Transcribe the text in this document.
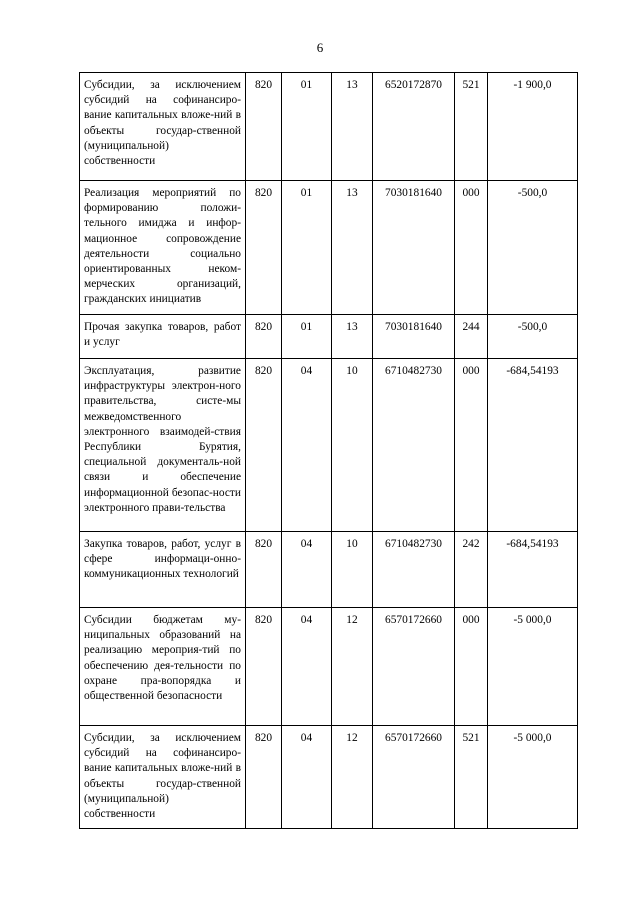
6
Субсидии, за исключением субсидий на софинансиро-вание капитальных вложе-ний в объекты государ-ственной (муниципальной) собственности	820	01	13	6520172870	521	-1 900,0
Реализация мероприятий по формированию положи-тельного имиджа и инфор-мационное сопровождение деятельности социально ориентированных неком-мерческих организаций, гражданских инициатив	820	01	13	7030181640	000	-500,0
Прочая закупка товаров, работ и услуг	820	01	13	7030181640	244	-500,0
Эксплуатация, развитие инфраструктуры электрон-ного правительства, систе-мы межведомственного электронного взаимодей-ствия Республики Бурятия, специальной документаль-ной связи и обеспечение информационной безопас-ности электронного прави-тельства	820	04	10	6710482730	000	-684,54193
Закупка товаров, работ, услуг в сфере информаци-онно-коммуникационных технологий	820	04	10	6710482730	242	-684,54193
Субсидии бюджетам му-ниципальных образований на реализацию мероприя-тий по обеспечению дея-тельности по охране пра-вопорядка и общественной безопасности	820	04	12	6570172660	000	-5 000,0
Субсидии, за исключением субсидий на софинансиро-вание капитальных вложе-ний в объекты государ-ственной (муниципальной) собственности	820	04	12	6570172660	521	-5 000,0
